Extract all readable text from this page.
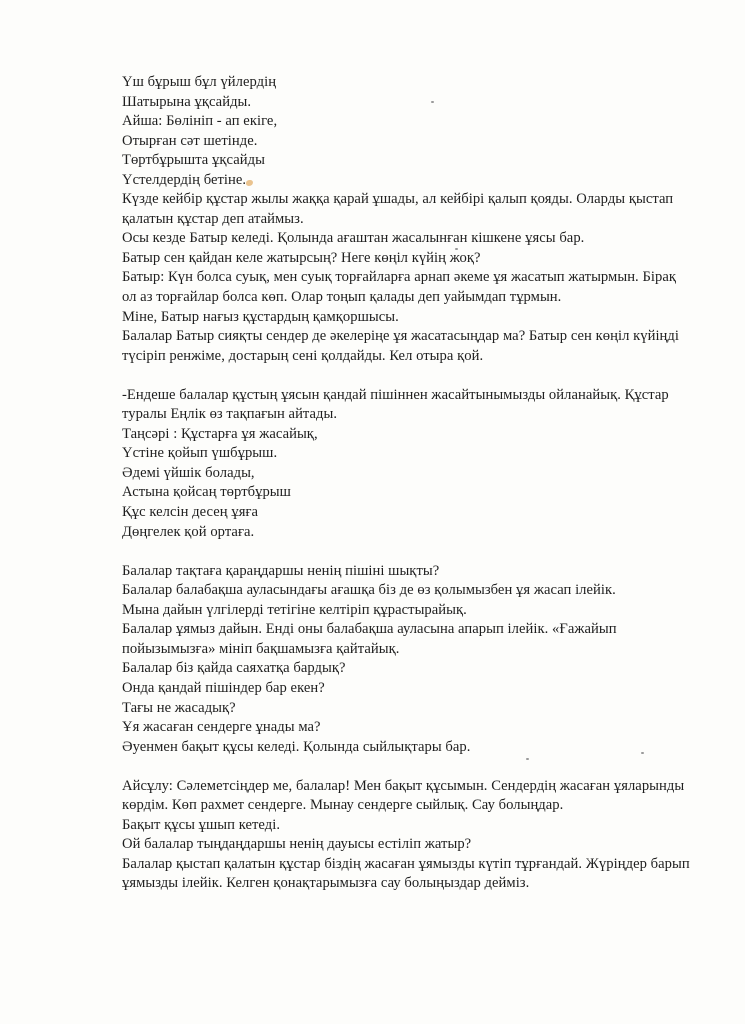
Үш бұрыш бұл үйлердің
Шатырына ұқсайды.
Айша: Бөлініп - ап екіге,
Отырған сәт шетінде.
Төртбұрышта ұқсайды
Үстелдердің бетіне.
Күзде кейбір құстар жылы жаққа қарай ұшады, ал кейбірі қалып қояды. Оларды қыстап
қалатын құстар деп атаймыз.
Осы кезде Батыр келеді. Қолында ағаштан жасалынған кішкене ұясы бар.
Батыр сен қайдан келе жатырсың? Неге көңіл күйің жоқ?
Батыр: Күн болса суық, мен суық торғайларға арнап әкеме ұя жасатып жатырмын. Бірақ
ол аз торғайлар болса көп. Олар тоңып қалады деп уайымдап тұрмын.
Міне, Батыр нағыз құстардың қамқоршысы.
Балалар Батыр сияқты сендер де әкелеріңе ұя жасатасыңдар ма? Батыр сен көңіл күйіңді
түсіріп ренжіме, достарың сені қолдайды. Кел отыра қой.
-Ендеше балалар құстың ұясын қандай пішіннен жасайтынымызды ойланайық. Құстар
туралы Еңлік өз тақпағын айтады.
Таңсәрі : Құстарға ұя жасайық,
Үстіне қойып үшбұрыш.
Әдемі үйшік болады,
Астына қойсаң төртбұрыш
Құс келсін десең ұяға
Дөңгелек қой ортаға.
Балалар тақтаға қараңдаршы ненің пішіні шықты?
Балалар балабақша ауласындағы ағашқа біз де өз қолымызбен ұя жасап ілейік.
Мына дайын үлгілерді тетігіне келтіріп құрастырайық.
Балалар ұямыз дайын. Енді оны балабақша ауласына апарып ілейік. «Ғажайып
пойызымызға» мініп бақшамызға қайтайық.
Балалар біз қайда саяхатқа бардық?
Онда қандай пішіндер бар екен?
Тағы не жасадық?
Ұя жасаған сендерге ұнады ма?
Әуенмен бақыт құсы келеді. Қолында сыйлықтары бар.
Айсұлу: Сәлеметсіңдер ме, балалар! Мен бақыт құсымын. Сендердің жасаған ұяларынды
көрдім. Көп рахмет сендерге. Мынау сендерге сыйлық. Сау болыңдар.
Бақыт құсы ұшып кетеді.
Ой балалар тыңдаңдаршы ненің дауысы естіліп жатыр?
Балалар қыстап қалатын құстар біздің жасаған ұямызды күтіп тұрғандай. Жүріңдер барып
ұямызды ілейік. Келген қонақтарымызға сау болыңыздар дейміз.
